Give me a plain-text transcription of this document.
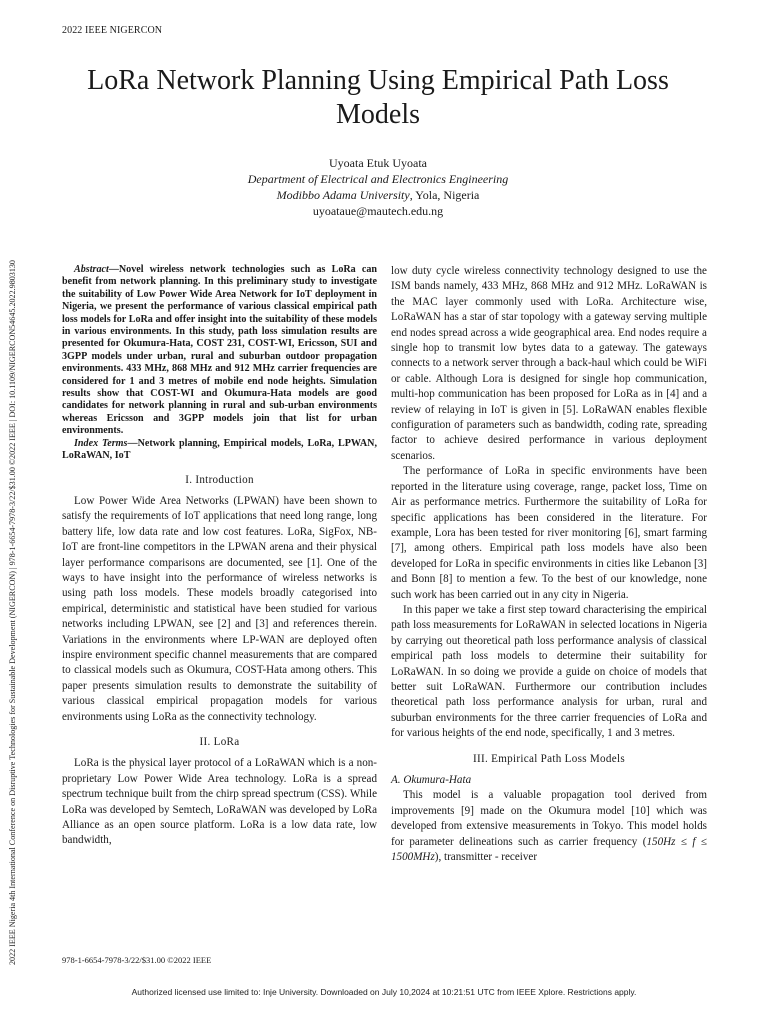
2022 IEEE NIGERCON
2022 IEEE Nigeria 4th International Conference on Disruptive Technologies for Sustainable Development (NIGERCON) | 978-1-6654-7978-3/22/$31.00 ©2022 IEEE | DOI: 10.1109/NIGERCON54645.2022.9803130
LoRa Network Planning Using Empirical Path Loss
Models
Uyoata Etuk Uyoata
Department of Electrical and Electronics Engineering
Modibbo Adama University, Yola, Nigeria
uyoataue@mautech.edu.ng

Abstract—Novel wireless network technologies such as LoRa can benefit from network planning. In this preliminary study to investigate the suitability of Low Power Wide Area Network for IoT deployment in Nigeria, we present the performance of various classical empirical path loss models for LoRa and offer insight into the suitability of these models in various environments. In this study, path loss simulation results are presented for Okumura-Hata, COST 231, COST-WI, Ericsson, SUI and 3GPP models under urban, rural and suburban outdoor propagation environments. 433 MHz, 868 MHz and 912 MHz carrier frequencies are considered for 1 and 3 metres of mobile end node heights. Simulation results show that COST-WI and Okumura-Hata models are good candidates for network planning in rural and sub-urban environments whereas Ericsson and 3GPP models join that list for urban environments.

Index Terms—Network planning, Empirical models, LoRa, LPWAN, LoRaWAN, IoT

I. Introduction

Low Power Wide Area Networks (LPWAN) have been shown to satisfy the requirements of IoT applications that need long range, long battery life, low data rate and low cost features. LoRa, SigFox, NB-IoT are front-line competitors in the LPWAN arena and their physical layer performance comparisons are documented, see [1]. One of the ways to have insight into the performance of wireless networks is using path loss models. These models broadly categorised into empirical, deterministic and statistical have been studied for various networks including LPWAN, see [2] and [3] and references therein. Variations in the environments where LP-WAN are deployed often inspire environment specific channel measurements that are compared to classical models such as Okumura, COST-Hata among others. This paper presents simulation results to demonstrate the suitability of various classical empirical propagation models for various environments using LoRa as the connectivity technology.

II. LoRa

LoRa is the physical layer protocol of a LoRaWAN which is a non-proprietary Low Power Wide Area technology. LoRa is a spread spectrum technique built from the chirp spread spectrum (CSS). While LoRa was developed by Semtech, LoRaWAN was developed by LoRa Alliance as an open source platform. LoRa is a low data rate, low bandwidth,

low duty cycle wireless connectivity technology designed to use the ISM bands namely, 433 MHz, 868 MHz and 912 MHz. LoRaWAN is the MAC layer commonly used with LoRa. Architecture wise, LoRaWAN has a star of star topology with a gateway serving multiple end nodes spread across a wide geographical area. End nodes require a single hop to transmit low bytes data to a gateway. The gateways connects to a network server through a back-haul which could be WiFi or cable. Although Lora is designed for single hop communication, multi-hop communication has been proposed for LoRa as in [4] and a review of relaying in IoT is given in [5]. LoRaWAN enables flexible configuration of parameters such as bandwidth, coding rate, spreading factor to achieve desired performance in various deployment scenarios.

The performance of LoRa in specific environments have been reported in the literature using coverage, range, packet loss, Time on Air as performance metrics. Furthermore the suitability of LoRa for specific applications has been considered in the literature. For example, Lora has been tested for river monitoring [6], smart farming [7], among others. Empirical path loss models have also been developed for LoRa in specific environments in cities like Lebanon [3] and Bonn [8] to mention a few. To the best of our knowledge, none such work has been carried out in any city in Nigeria.

In this paper we take a first step toward characterising the empirical path loss measurements for LoRaWAN in selected locations in Nigeria by carrying out theoretical path loss performance analysis of classical empirical path loss models to determine their suitability for LoRaWAN. In so doing we provide a guide on choice of models that better suit LoRaWAN. Furthermore our contribution includes theoretical path loss performance analysis for urban, rural and suburban environments for the three carrier frequencies of LoRa and for various heights of the end node, specifically, 1 and 3 metres.

III. Empirical Path Loss Models
A. Okumura-Hata

This model is a valuable propagation tool derived from improvements [9] made on the Okumura model [10] which was developed from extensive measurements in Tokyo. This model holds for parameter delineations such as carrier frequency (150Hz ≤ f ≤ 1500MHz), transmitter - receiver

978-1-6654-7978-3/22/$31.00 ©2022 IEEE
Authorized licensed use limited to: Inje University. Downloaded on July 10,2024 at 10:21:51 UTC from IEEE Xplore. Restrictions apply.
